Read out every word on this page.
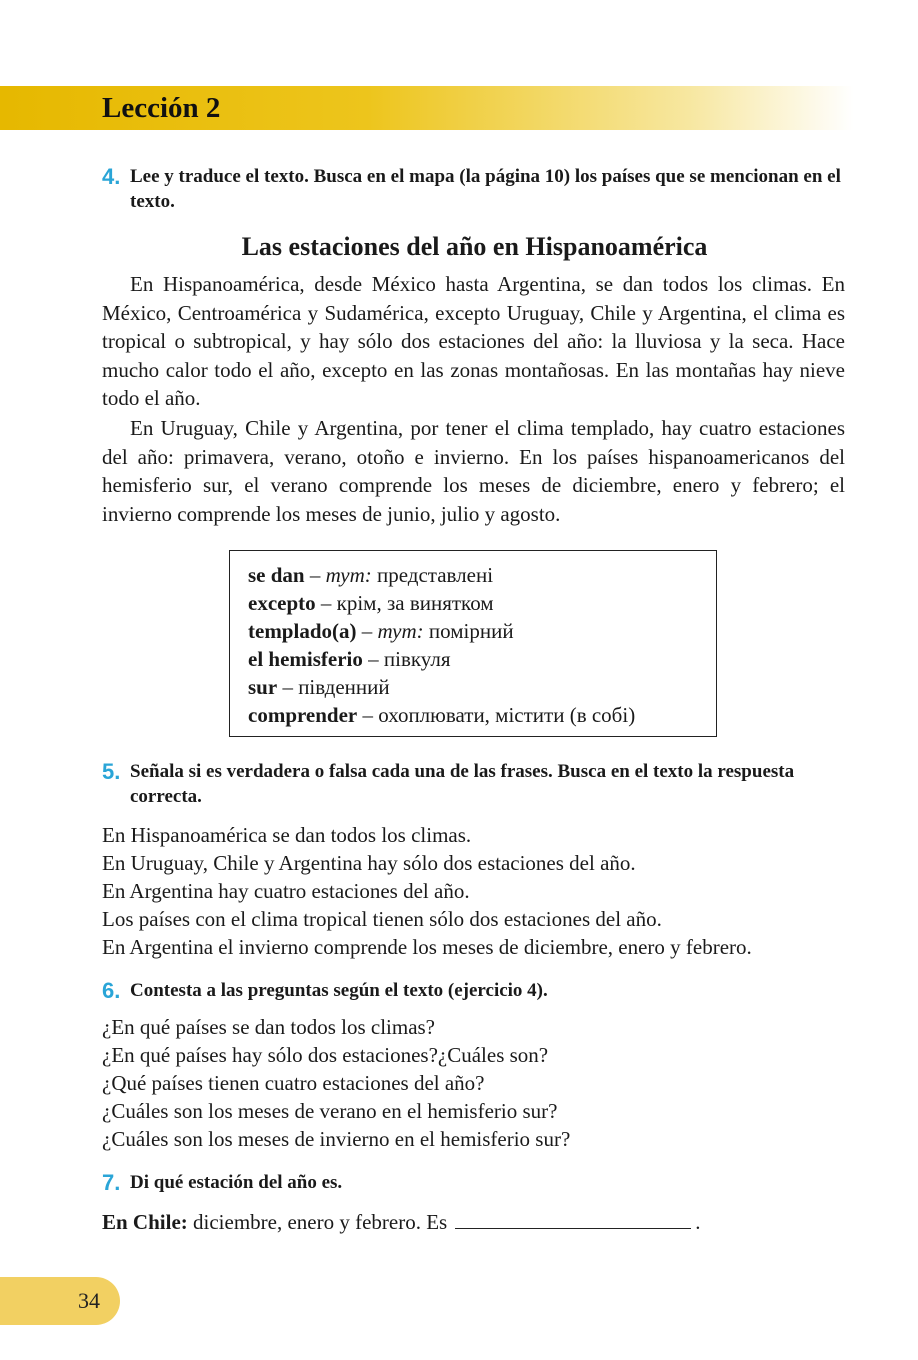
Lección 2
4. Lee y traduce el texto. Busca en el mapa (la página 10) los países que se mencionan en el texto.
Las estaciones del año en Hispanoamérica

En Hispanoamérica, desde México hasta Argentina, se dan todos los climas. En México, Centroamérica y Sudamérica, excepto Uruguay, Chile y Argentina, el clima es tropical o subtropical, y hay sólo dos estaciones del año: la lluviosa y la seca. Hace mucho calor todo el año, excepto en las zonas montañosas. En las montañas hay nieve todo el año.

En Uruguay, Chile y Argentina, por tener el clima templado, hay cuatro estaciones del año: primavera, verano, otoño e invierno. En los países hispanoamericanos del hemisferio sur, el verano comprende los meses de diciembre, enero y febrero; el invierno comprende los meses de junio, julio y agosto.

se dan – тут: представлені
excepto – крім, за винятком
templado(a) – тут: помірний
el hemisferio – півкуля
sur – південний
comprender – охоплювати, містити (в собі)
5. Señala si es verdadera o falsa cada una de las frases. Busca en el texto la respuesta correcta.
En Hispanoamérica se dan todos los climas.
En Uruguay, Chile y Argentina hay sólo dos estaciones del año.
En Argentina hay cuatro estaciones del año.
Los países con el clima tropical tienen sólo dos estaciones del año.
En Argentina el invierno comprende los meses de diciembre, enero y febrero.
6. Contesta a las preguntas según el texto (ejercicio 4).
¿En qué países se dan todos los climas?
¿En qué países hay sólo dos estaciones?¿Cuáles son?
¿Qué países tienen cuatro estaciones del año?
¿Cuáles son los meses de verano en el hemisferio sur?
¿Cuáles son los meses de invierno en el hemisferio sur?
7. Di qué estación del año es.
En Chile: diciembre, enero y febrero. Es	.
34
